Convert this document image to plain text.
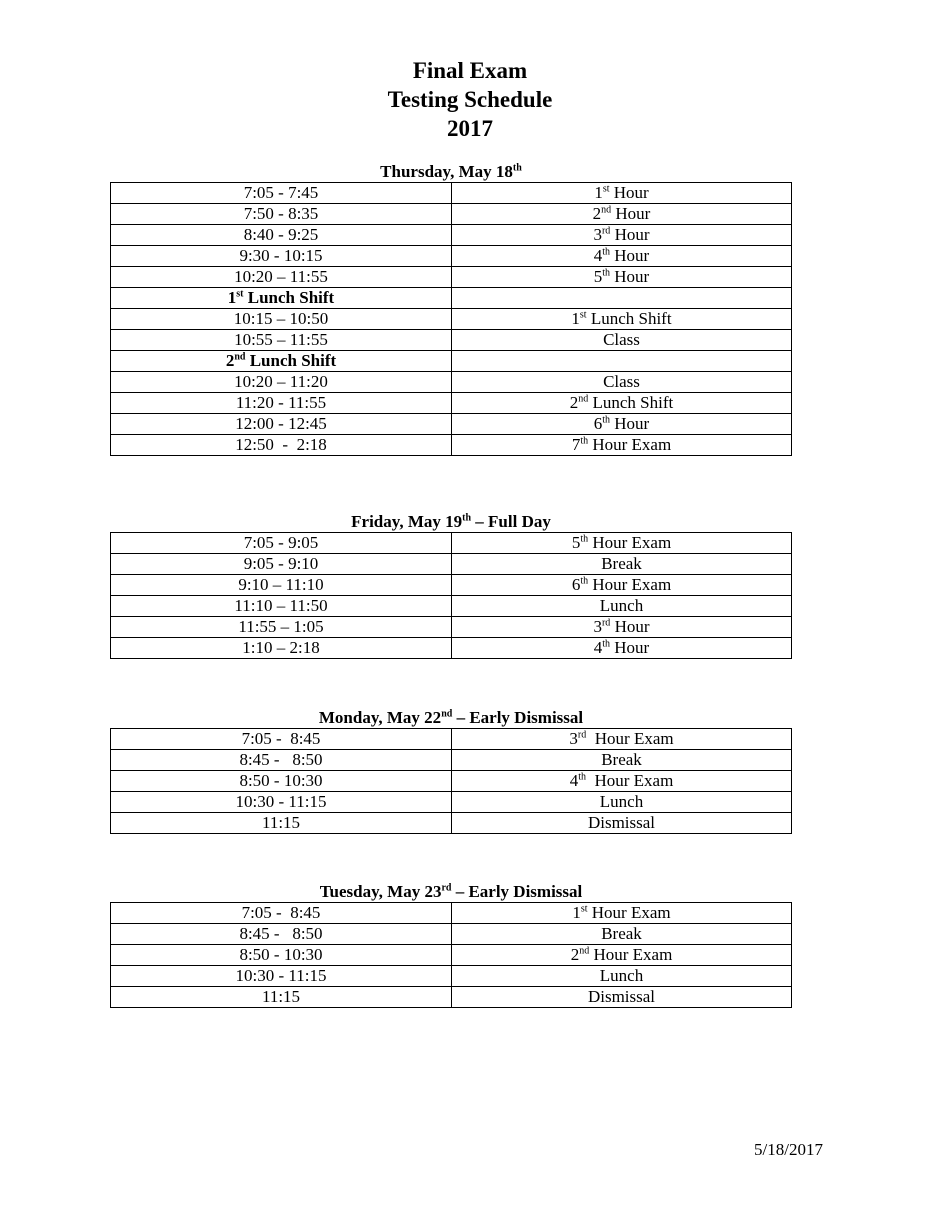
Final Exam
Testing Schedule
2017
Thursday, May 18th
7:05 - 7:45	1st Hour
7:50 - 8:35	2nd Hour
8:40 - 9:25	3rd Hour
9:30 - 10:15	4th Hour
10:20 – 11:55	5th Hour
1st Lunch Shift	
10:15 – 10:50	1st Lunch Shift
10:55 – 11:55	Class
2nd Lunch Shift	
10:20 – 11:20	Class
11:20 - 11:55	2nd Lunch Shift
12:00 - 12:45	6th Hour
12:50  -  2:18	7th Hour Exam
Friday, May 19th – Full Day
7:05 - 9:05	5th Hour Exam
9:05 - 9:10	Break
9:10 – 11:10	6th Hour Exam
11:10 – 11:50	Lunch
11:55 – 1:05	3rd Hour
1:10 – 2:18	4th Hour
Monday, May 22nd – Early Dismissal
7:05 -  8:45	3rd  Hour Exam
8:45 -   8:50	Break
8:50 - 10:30	4th  Hour Exam
10:30 - 11:15	Lunch
11:15	Dismissal
Tuesday, May 23rd – Early Dismissal
7:05 -  8:45	1st Hour Exam
8:45 -   8:50	Break
8:50 - 10:30	2nd Hour Exam
10:30 - 11:15	Lunch
11:15	Dismissal
5/18/2017
